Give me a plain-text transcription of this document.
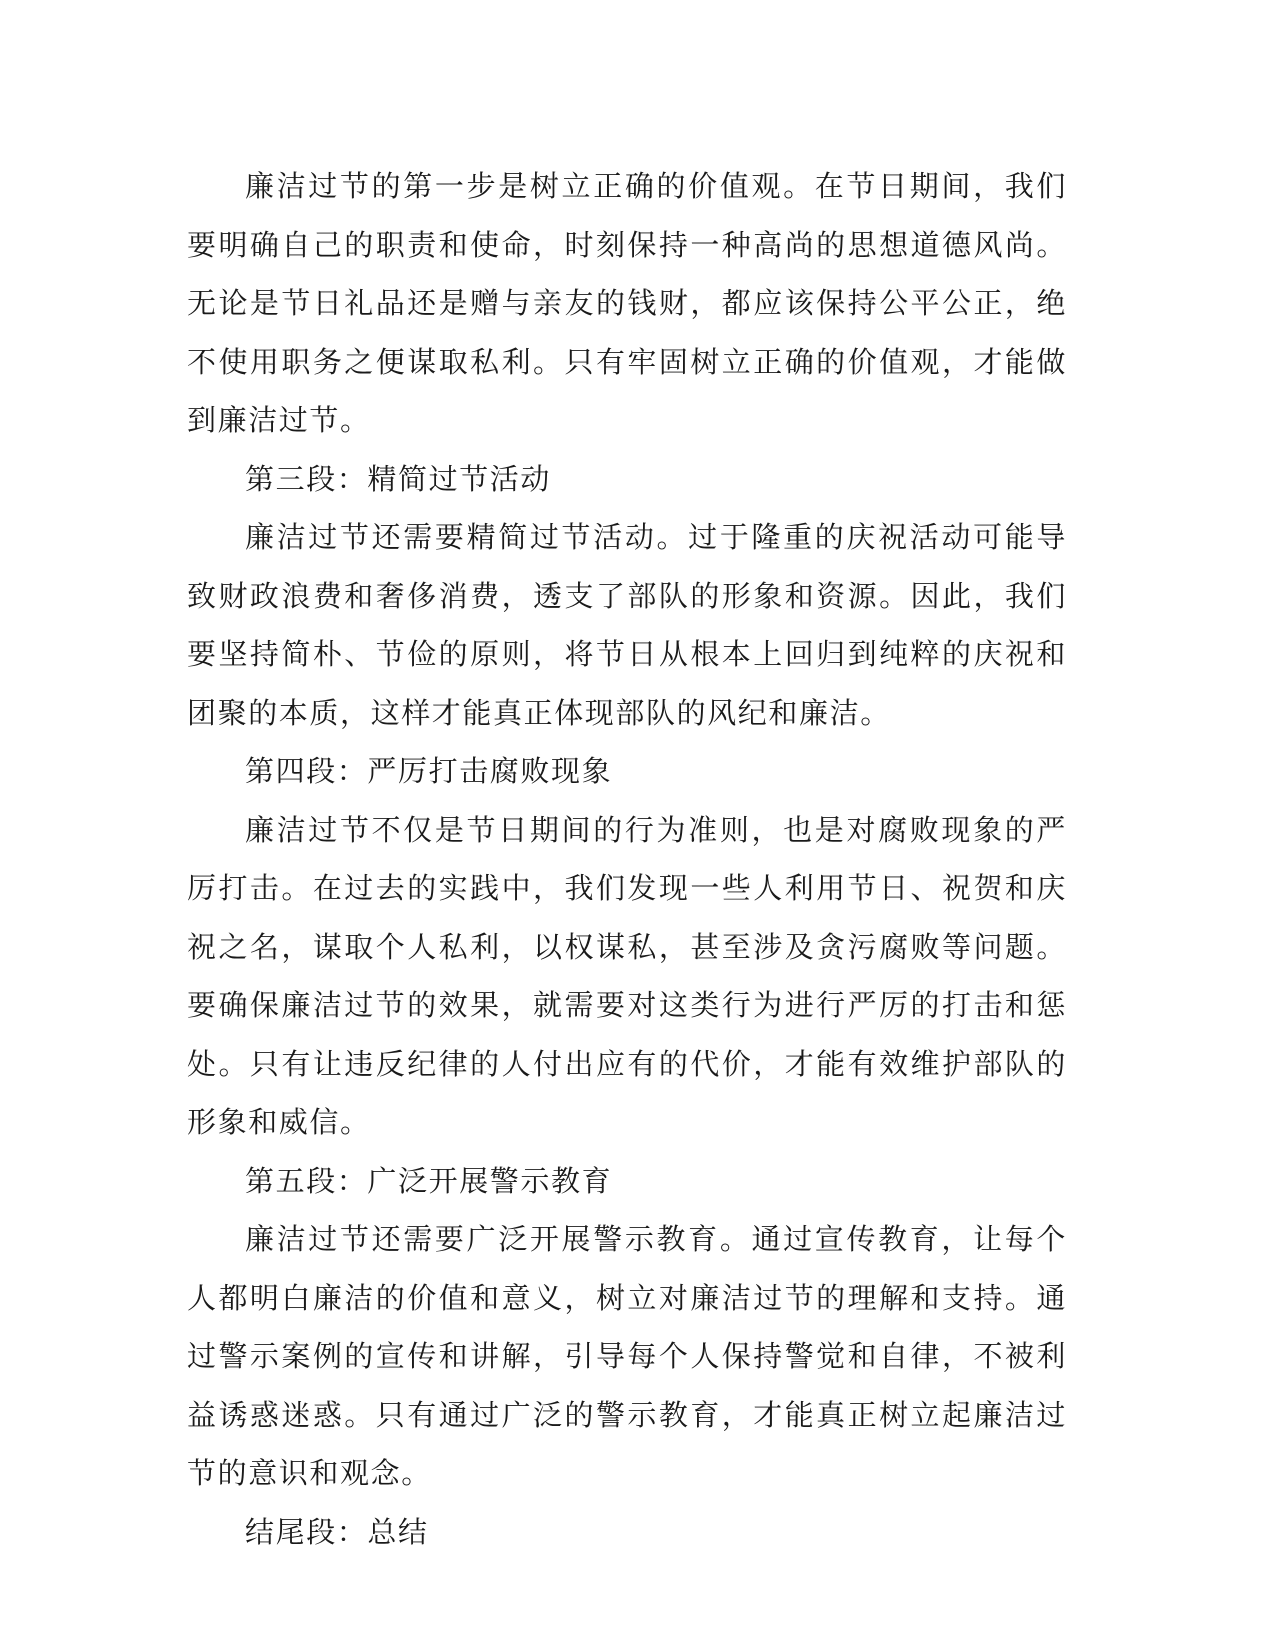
廉洁过节的第一步是树立正确的价值观。在节日期间，我们要明确自己的职责和使命，时刻保持一种高尚的思想道德风尚。无论是节日礼品还是赠与亲友的钱财，都应该保持公平公正，绝不使用职务之便谋取私利。只有牢固树立正确的价值观，才能做到廉洁过节。

第三段：精简过节活动

廉洁过节还需要精简过节活动。过于隆重的庆祝活动可能导致财政浪费和奢侈消费，透支了部队的形象和资源。因此，我们要坚持简朴、节俭的原则，将节日从根本上回归到纯粹的庆祝和团聚的本质，这样才能真正体现部队的风纪和廉洁。

第四段：严厉打击腐败现象

廉洁过节不仅是节日期间的行为准则，也是对腐败现象的严厉打击。在过去的实践中，我们发现一些人利用节日、祝贺和庆祝之名，谋取个人私利，以权谋私，甚至涉及贪污腐败等问题。要确保廉洁过节的效果，就需要对这类行为进行严厉的打击和惩处。只有让违反纪律的人付出应有的代价，才能有效维护部队的形象和威信。

第五段：广泛开展警示教育

廉洁过节还需要广泛开展警示教育。通过宣传教育，让每个人都明白廉洁的价值和意义，树立对廉洁过节的理解和支持。通过警示案例的宣传和讲解，引导每个人保持警觉和自律，不被利益诱惑迷惑。只有通过广泛的警示教育，才能真正树立起廉洁过节的意识和观念。

结尾段：总结
